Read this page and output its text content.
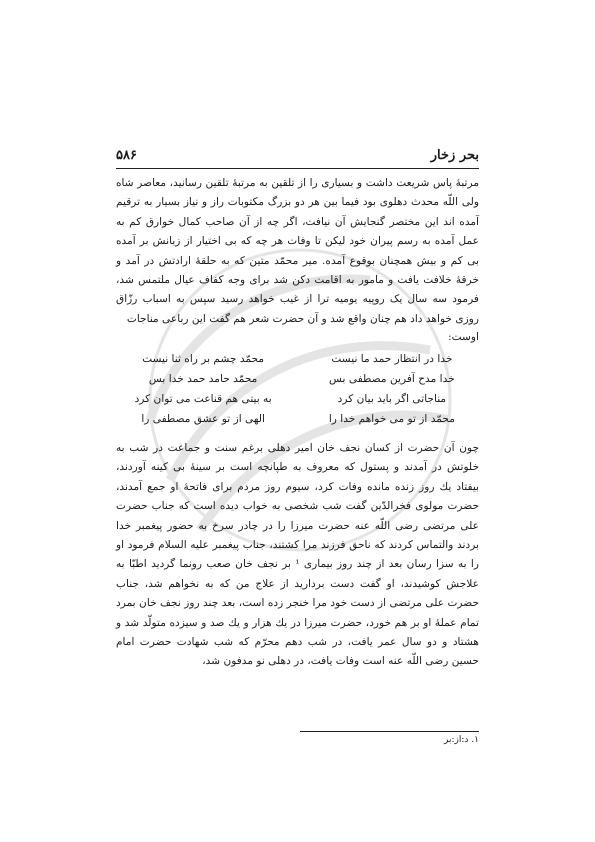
بحر زخار
۵۸۶

مرتبهٔ پاس شریعت داشت و بسیاری را از تلقین به مرتبهٔ تلقین رسانید، معاصر شاه ولی اللّه محدث دهلوی بود فیما بین هر دو بزرگ مکتوبات راز و نیاز بسیار به ترقیم آمده اند این مختصر گنجایش آن نیافت، اگر چه از آن صاحب کمال خوارق کم به عمل آمده به رسم پیران خود لیکن تا وفات هر چه که بی اختیار از زبانش بر آمده بی کم و بیش همچنان بوقوع آمده. میر محمّد متین که به حلقهٔ ارادتش در آمد و خرقهٔ خلافت یافت و مامور به اقامت دکن شد برای وجه کفاف عیال ملتمس شد، فرمود سه سال یک روپیه یومیه ترا از غیب خواهد رسید سپس به اسباب رزّاق روزی خواهد داد هم چنان واقع شد و آن حضرت شعر هم گفت این رباعی مناجات

اوست:

خدا در انتظار حمد ما نیست
محمّد چشم بر راه ثنا نیست
خدا مدح آفرین مصطفی بس
محمّد حامد حمد خدا بس
مناجاتی اگر باید بیان کرد
به بیتی هم قناعت می توان کرد
محمّد از تو می خواهم خدا را
الهی از تو عشق مصطفی را

چون آن حضرت از کسان نجف خان امیر دهلی برغم سنت و جماعت در شب به خلوتش در آمدند و پستول که معروف به طپانچه است بر سینهٔ بی کینه آوردند، بیفتاد یك روز زنده مانده وفات کرد، سیوم روز مردم برای فاتحهٔ او جمع آمدند، حضرت مولوی فخرالدّین گفت شب شخصی به خواب دیده است که جناب حضرت علی مرتضی رضی اللّه عنه حضرت میرزا را در چادر سرخ به حضور پیغمبر خدا بردند والتماس کردند که ناحق فرزند مرا کشتند، جناب پیغمبر علیه السلام فرمود او را به سزا رسان بعد از چند روز بیماری ¹ بر نجف خان صعب رونما گردید اطبّا به علاجش کوشیدند، او گفت دست بردارید از علاج من که به نخواهم شد، جناب حضرت علی مرتضی از دست خود مرا خنجر زده است، بعد چند روز نجف خان بمرد تمام عملهٔ او بر هم خورد، حضرت میرزا در یك هزار و یك صد و سیزده متولّد شد و هشتاد و دو سال عمر یافت، در شب دهم محرّم که شب شهادت حضرت امام حسین رضی اللّه عنه است وفات یافت، در دهلی نو مدفون شد،

۱. د:از:بر
